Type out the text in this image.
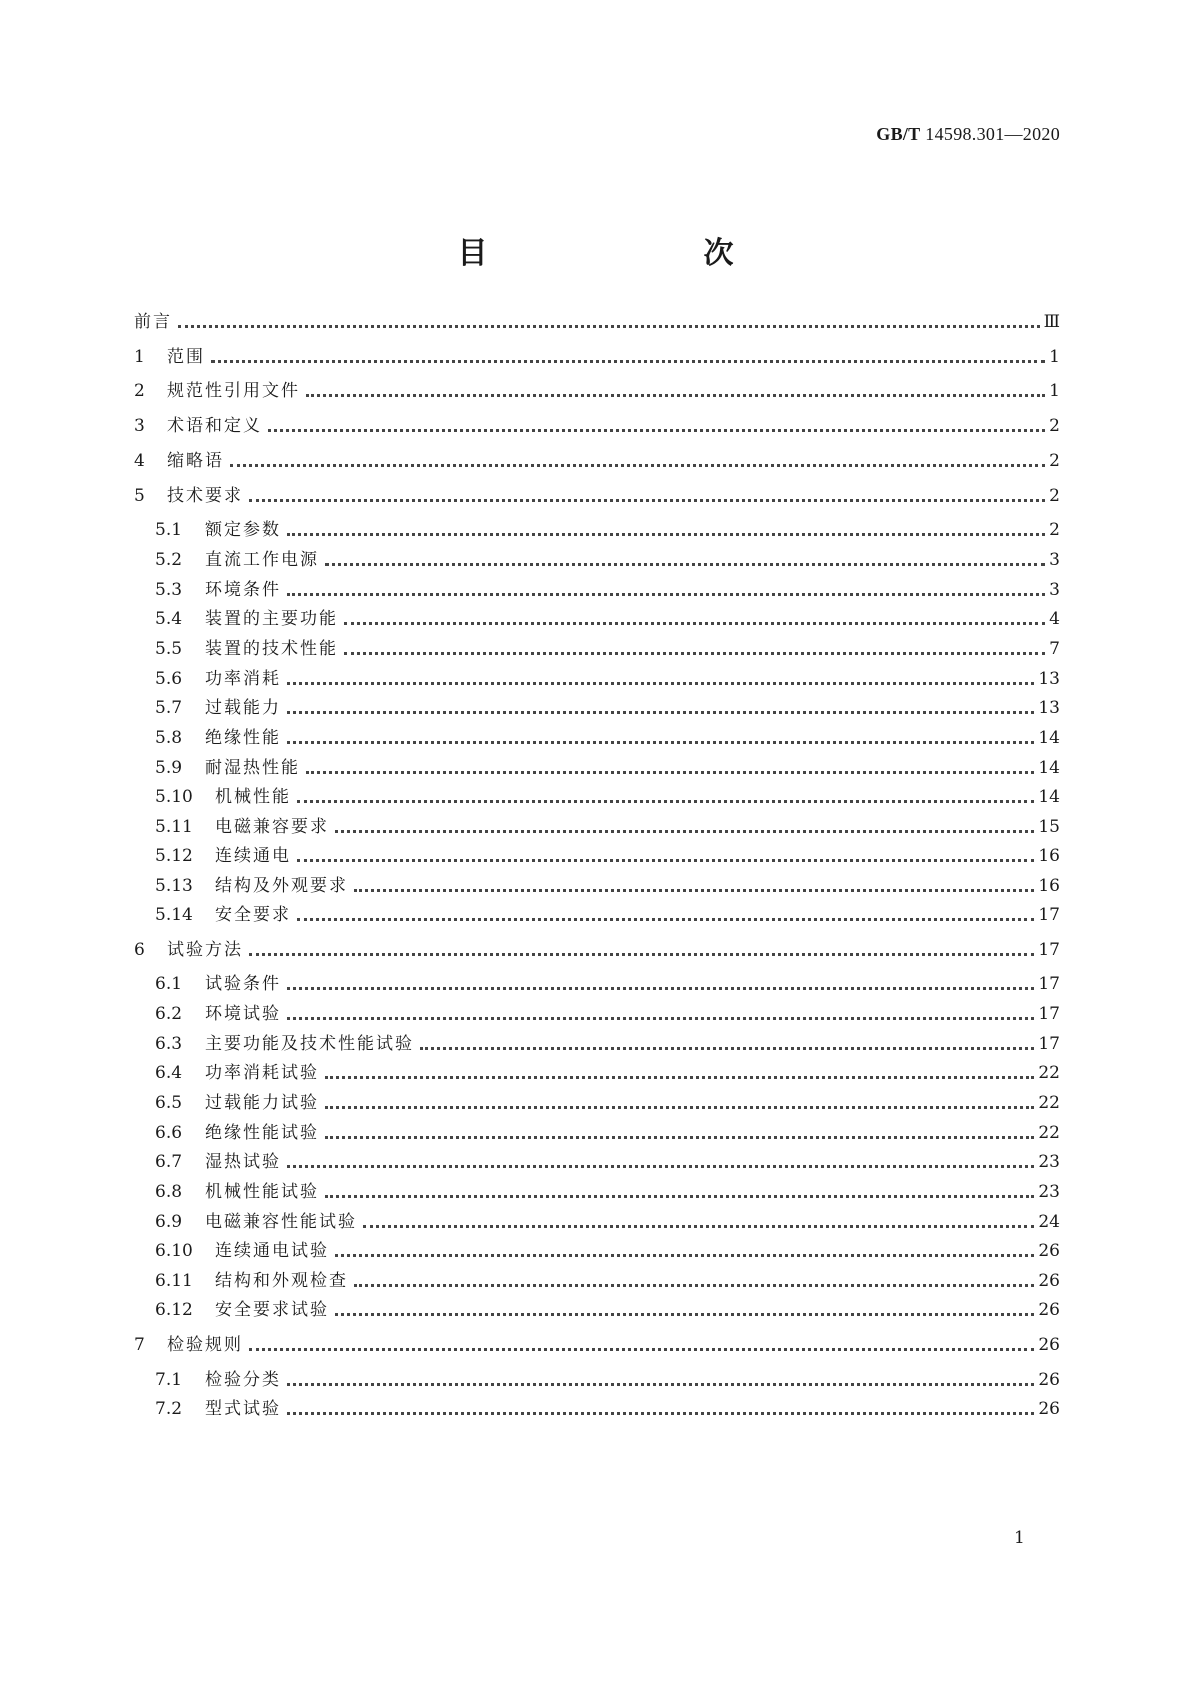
GB/T 14598.301—2020
目　　次
前言	Ⅲ
1	范围	1
2	规范性引用文件	1
3	术语和定义	2
4	缩略语	2
5	技术要求	2
5.1	额定参数	2
5.2	直流工作电源	3
5.3	环境条件	3
5.4	装置的主要功能	4
5.5	装置的技术性能	7
5.6	功率消耗	13
5.7	过载能力	13
5.8	绝缘性能	14
5.9	耐湿热性能	14
5.10	机械性能	14
5.11	电磁兼容要求	15
5.12	连续通电	16
5.13	结构及外观要求	16
5.14	安全要求	17
6	试验方法	17
6.1	试验条件	17
6.2	环境试验	17
6.3	主要功能及技术性能试验	17
6.4	功率消耗试验	22
6.5	过载能力试验	22
6.6	绝缘性能试验	22
6.7	湿热试验	23
6.8	机械性能试验	23
6.9	电磁兼容性能试验	24
6.10	连续通电试验	26
6.11	结构和外观检查	26
6.12	安全要求试验	26
7	检验规则	26
7.1	检验分类	26
7.2	型式试验	26
1
